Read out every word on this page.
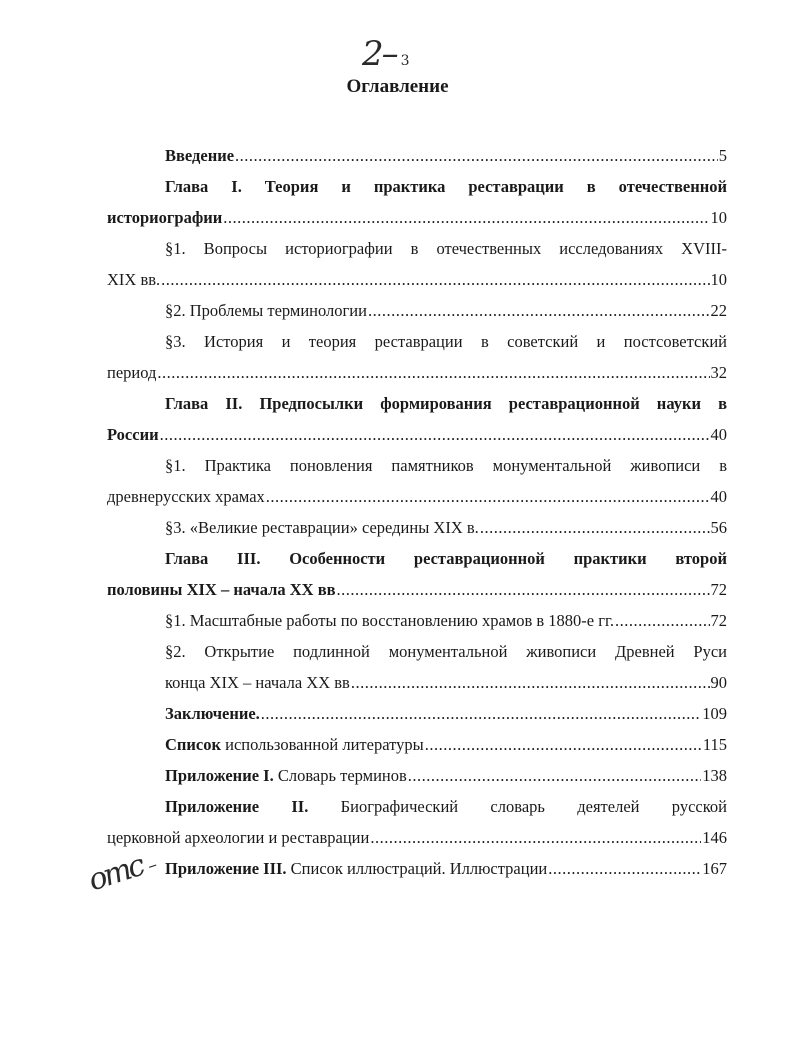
2– 3
отс–
Оглавление
Введение .....	5
Глава I. Теория и практика реставрации в отечественной
историографии .....	10
§1. Вопросы историографии в отечественных исследованиях XVIII-
XIX вв. .....	10
§2. Проблемы терминологии .....	22
§3. История и теория реставрации в советский и постсоветский
период .....	32
Глава II. Предпосылки формирования реставрационной науки в
России .....	40
§1. Практика поновления памятников монументальной живописи в
древнерусских храмах .....	40
§3. «Великие реставрации» середины XIX в. .....	56
Глава III. Особенности реставрационной практики второй
половины XIX – начала XX вв .....	72
§1. Масштабные работы по восстановлению храмов в 1880-е гг. .....	72
§2. Открытие подлинной монументальной живописи Древней Руси
конца XIX – начала XX вв .....	90
Заключение. .....	109
Список использованной литературы .....	115
Приложение I. Словарь терминов .....	138
Приложение II. Биографический словарь деятелей русской
церковной археологии и реставрации .....	146
Приложение III. Список иллюстраций. Иллюстрации .....	167
